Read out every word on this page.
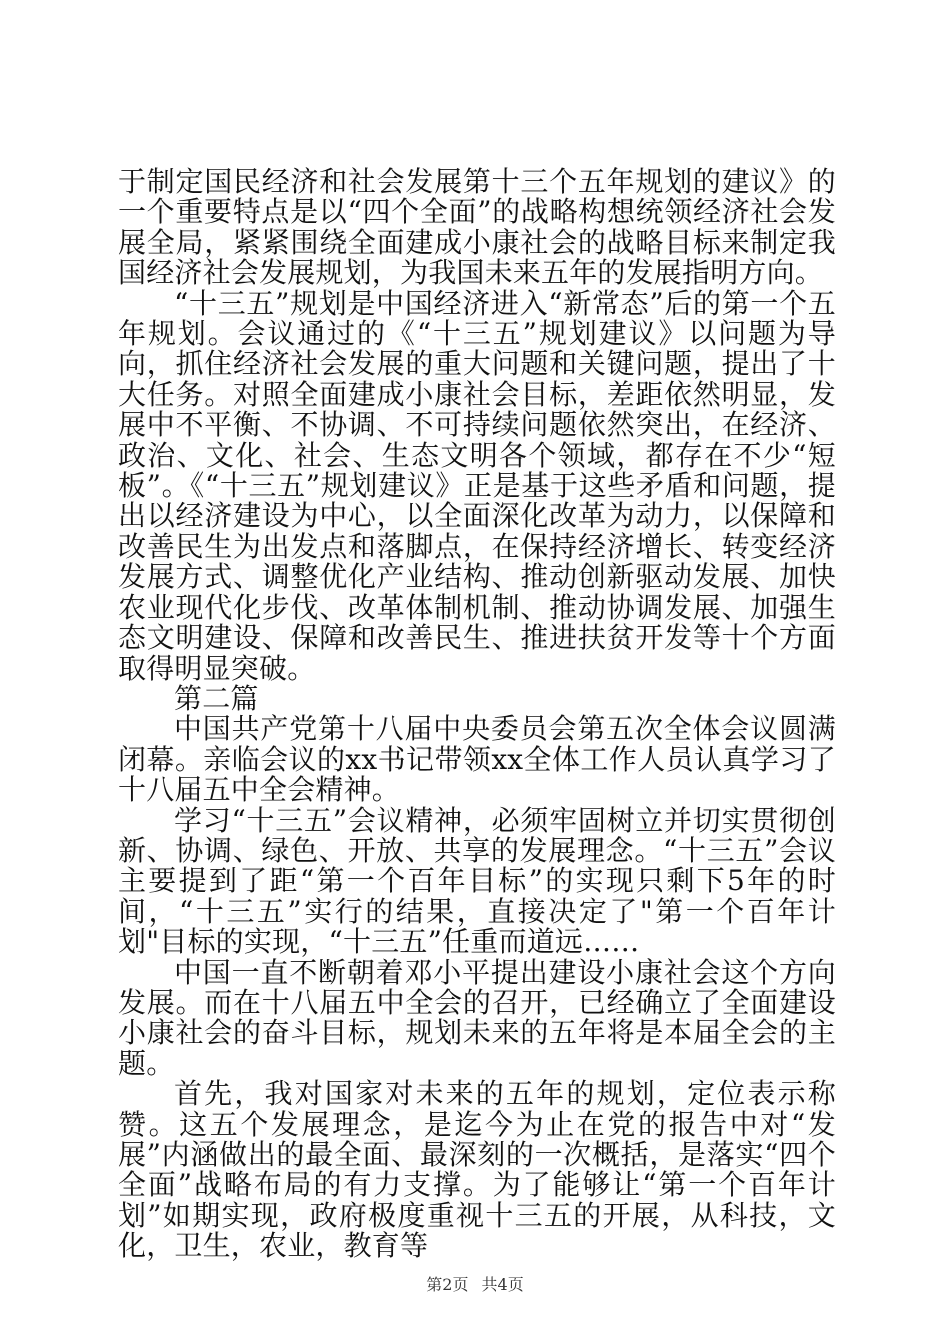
于制定国民经济和社会发展第十三个五年规划的建议》的一个重要特点是以“四个全面”的战略构想统领经济社会发展全局，紧紧围绕全面建成小康社会的战略目标来制定我国经济社会发展规划，为我国未来五年的发展指明方向。

“十三五”规划是中国经济进入“新常态”后的第一个五年规划。会议通过的《“十三五”规划建议》以问题为导向，抓住经济社会发展的重大问题和关键问题，提出了十大任务。对照全面建成小康社会目标，差距依然明显，发展中不平衡、不协调、不可持续问题依然突出，在经济、政治、文化、社会、生态文明各个领域，都存在不少“短板”。《“十三五”规划建议》正是基于这些矛盾和问题，提出以经济建设为中心，以全面深化改革为动力，以保障和改善民生为出发点和落脚点，在保持经济增长、转变经济发展方式、调整优化产业结构、推动创新驱动发展、加快农业现代化步伐、改革体制机制、推动协调发展、加强生态文明建设、保障和改善民生、推进扶贫开发等十个方面取得明显突破。

第二篇

中国共产党第十八届中央委员会第五次全体会议圆满闭幕。亲临会议的xx书记带领xx全体工作人员认真学习了十八届五中全会精神。

学习“十三五”会议精神，必须牢固树立并切实贯彻创新、协调、绿色、开放、共享的发展理念。“十三五”会议主要提到了距“第一个百年目标”的实现只剩下5年的时间，“十三五”实行的结果，直接决定了"第一个百年计划"目标的实现，“十三五”任重而道远……

中国一直不断朝着邓小平提出建设小康社会这个方向发展。而在十八届五中全会的召开，已经确立了全面建设小康社会的奋斗目标，规划未来的五年将是本届全会的主题。

首先，我对国家对未来的五年的规划，定位表示称赞。这五个发展理念，是迄今为止在党的报告中对“发展”内涵做出的最全面、最深刻的一次概括，是落实“四个全面”战略布局的有力支撑。为了能够让“第一个百年计划”如期实现，政府极度重视十三五的开展，从科技，文化，卫生，农业，教育等

第2页 共4页
